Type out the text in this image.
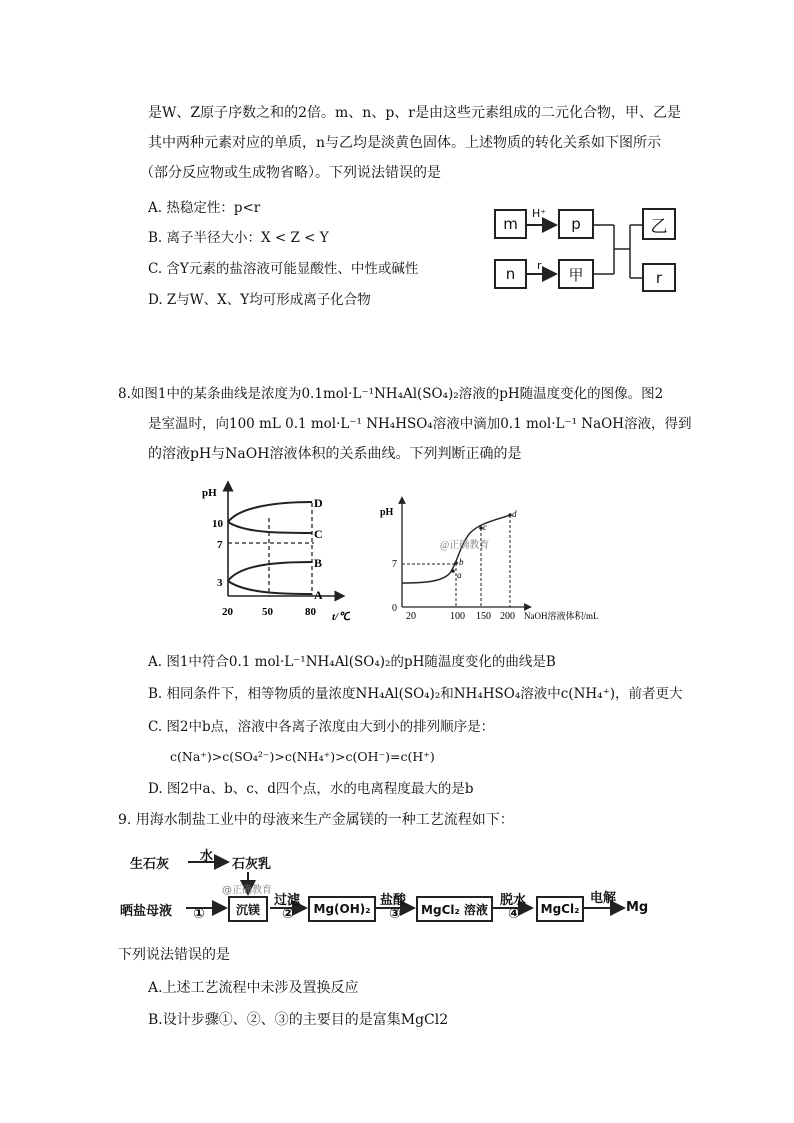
是W、Z原子序数之和的2倍。m、n、p、r是由这些元素组成的二元化合物，甲、乙是
其中两种元素对应的单质，n与乙均是淡黄色固体。上述物质的转化关系如下图所示
（部分反应物或生成物省略）。下列说法错误的是
A. 热稳定性：p<r
B. 离子半径大小：X < Z < Y
C. 含Y元素的盐溶液可能显酸性、中性或碱性
D. Z与W、X、Y均可形成离子化合物
m	p
n	甲
乙
r
H⁺
r
8.如图1中的某条曲线是浓度为0.1mol·L⁻¹NH₄Al(SO₄)₂溶液的pH随温度变化的图像。图2
是室温时，向100 mL 0.1 mol·L⁻¹ NH₄HSO₄溶液中滴加0.1 mol·L⁻¹ NaOH溶液，得到
的溶液pH与NaOH溶液体积的关系曲线。下列判断正确的是
pH
t/℃
10
7
3
20	50	80
D
C
B
A
pH
7
0
20	100 150 200 NaOH溶液体积/mL
a
b
c
d
@正确教育
A. 图1中符合0.1 mol·L⁻¹NH₄Al(SO₄)₂的pH随温度变化的曲线是B
B. 相同条件下，相等物质的量浓度NH₄Al(SO₄)₂和NH₄HSO₄溶液中c(NH₄⁺)，前者更大
C. 图2中b点，溶液中各离子浓度由大到小的排列顺序是：
c(Na⁺)>c(SO₄²⁻)>c(NH₄⁺)>c(OH⁻)=c(H⁺)
D. 图2中a、b、c、d四个点，水的电离程度最大的是b
9. 用海水制盐工业中的母液来生产金属镁的一种工艺流程如下：
生石灰
水
石灰乳
@正确教育
晒盐母液 ①	沉镁
过滤
②	Mg(OH)₂
盐酸
③	MgCl₂ 溶液
脱水
④	MgCl₂
电解
Mg
下列说法错误的是
A.上述工艺流程中未涉及置换反应
B.设计步骤①、②、③的主要目的是富集MgCl2
